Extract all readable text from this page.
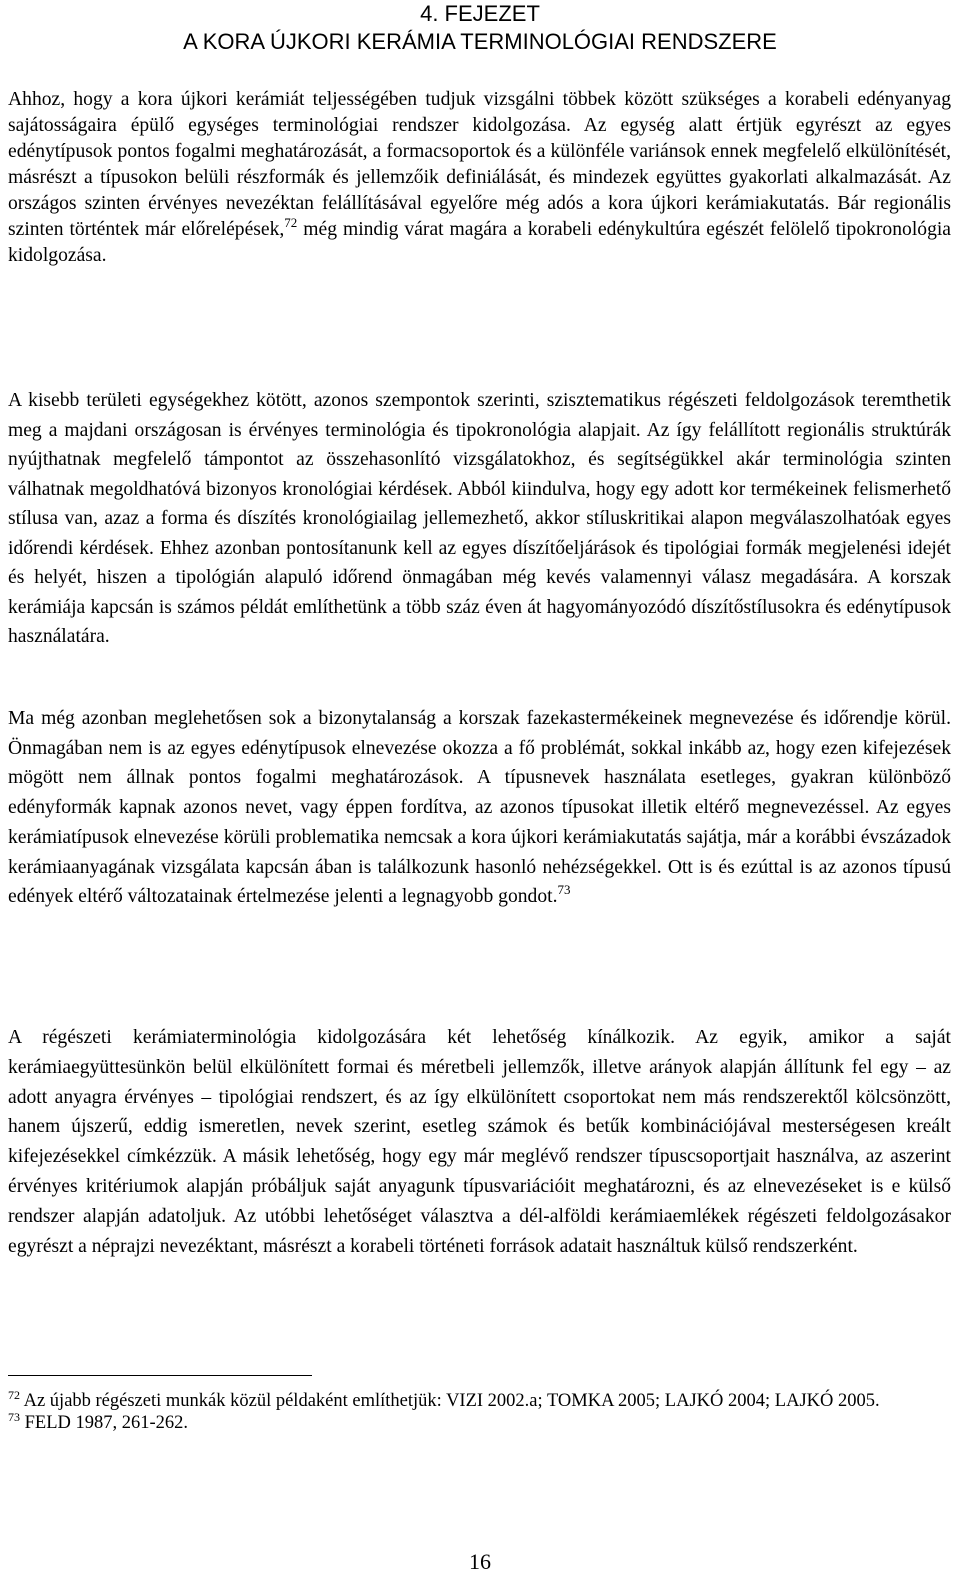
4. FEJEZET
A KORA ÚJKORI KERÁMIA TERMINOLÓGIAI RENDSZERE

Ahhoz, hogy a kora újkori kerámiát teljességében tudjuk vizsgálni többek között szükséges a korabeli edényanyag sajátosságaira épülő egységes terminológiai rendszer kidolgozása. Az egység alatt értjük egyrészt az egyes edénytípusok pontos fogalmi meghatározását, a formacsoportok és a különféle variánsok ennek megfelelő elkülönítését, másrészt a típusokon belüli részformák és jellemzőik definiálását, és mindezek együttes gyakorlati alkalmazását. Az országos szinten érvényes nevezéktan felállításával egyelőre még adós a kora újkori kerámiakutatás. Bár regionális szinten történtek már előrelépések,$^{72}$ még mindig várat magára a korabeli edénykultúra egészét felölelő tipokronológia kidolgozása.

A kisebb területi egységekhez kötött, azonos szempontok szerinti, szisztematikus régészeti feldolgozások teremthetik meg a majdani országosan is érvényes terminológia és tipokronológia alapjait. Az így felállított regionális struktúrák nyújthatnak megfelelő támpontot az összehasonlító vizsgálatokhoz, és segítségükkel akár terminológia szinten válhatnak megoldhatóvá bizonyos kronológiai kérdések. Abból kiindulva, hogy egy adott kor termékeinek felismerhető stílusa van, azaz a forma és díszítés kronológiailag jellemezhető, akkor stíluskritikai alapon megválaszolhatóak egyes időrendi kérdések. Ehhez azonban pontosítanunk kell az egyes díszítőeljárások és tipológiai formák megjelenési idejét és helyét, hiszen a tipológián alapuló időrend önmagában még kevés valamennyi válasz megadására. A korszak kerámiája kapcsán is számos példát említhetünk a több száz éven át hagyományozódó díszítőstílusokra és edénytípusok használatára.

Ma még azonban meglehetősen sok a bizonytalanság a korszak fazekastermékeinek megnevezése és időrendje körül. Önmagában nem is az egyes edénytípusok elnevezése okozza a fő problémát, sokkal inkább az, hogy ezen kifejezések mögött nem állnak pontos fogalmi meghatározások. A típusnevek használata esetleges, gyakran különböző edényformák kapnak azonos nevet, vagy éppen fordítva, az azonos típusokat illetik eltérő megnevezéssel. Az egyes kerámiatípusok elnevezése körüli problematika nemcsak a kora újkori kerámiakutatás sajátja, már a korábbi évszázadok kerámiaanyagának vizsgálata kapcsán ában is találkozunk hasonló nehézségekkel. Ott is és ezúttal is az azonos típusú edények eltérő változatainak értelmezése jelenti a legnagyobb gondot.$^{73}$

A régészeti kerámiaterminológia kidolgozására két lehetőség kínálkozik. Az egyik, amikor a saját kerámiaegyüttesünkön belül elkülönített formai és méretbeli jellemzők, illetve arányok alapján állítunk fel egy – az adott anyagra érvényes – tipológiai rendszert, és az így elkülönített csoportokat nem más rendszerektől kölcsönzött, hanem újszerű, eddig ismeretlen, nevek szerint, esetleg számok és betűk kombinációjával mesterségesen kreált kifejezésekkel címkézzük. A másik lehetőség, hogy egy már meglévő rendszer típuscsoportjait használva, az aszerint érvényes kritériumok alapján próbáljuk saját anyagunk típusvariációit meghatározni, és az elnevezéseket is e külső rendszer alapján adatoljuk. Az utóbbi lehetőséget választva a dél-alföldi kerámiaemlékek régészeti feldolgozásakor egyrészt a néprajzi nevezéktant, másrészt a korabeli történeti források adatait használtuk külső rendszerként.

$^{72}$ Az újabb régészeti munkák közül példaként említhetjük: VIZI 2002.a; TOMKA 2005; LAJKÓ 2004; LAJKÓ 2005.

$^{73}$ FELD 1987, 261-262.

16
